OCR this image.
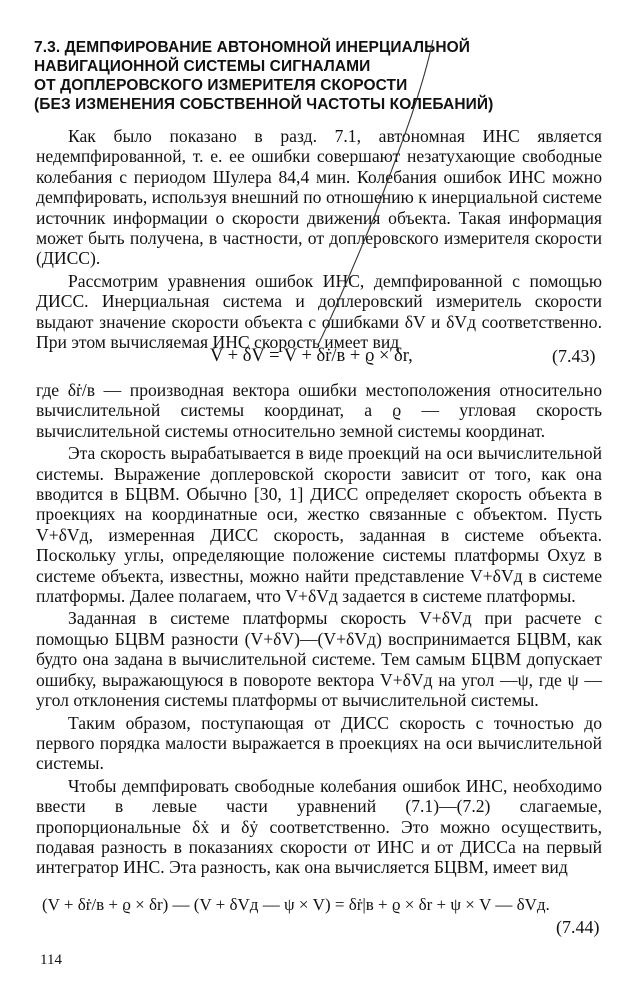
7.3. ДЕМПФИРОВАНИЕ АВТОНОМНОЙ ИНЕРЦИАЛЬНОЙ
НАВИГАЦИОННОЙ СИСТЕМЫ СИГНАЛАМИ
ОТ ДОПЛЕРОВСКОГО ИЗМЕРИТЕЛЯ СКОРОСТИ
(БЕЗ ИЗМЕНЕНИЯ СОБСТВЕННОЙ ЧАСТОТЫ КОЛЕБАНИЙ)

Как было показано в разд. 7.1, автономная ИНС является недемпфированной, т. е. ее ошибки совершают незатухающие свободные колебания с периодом Шулера 84,4 мин. Колебания ошибок ИНС можно демпфировать, используя внешний по отношению к инерциальной системе источник информации о скорости движения объекта. Такая информация может быть получена, в частности, от доплеровского измерителя скорости (ДИСС).

Рассмотрим уравнения ошибок ИНС, демпфированной с помощью ДИСС. Инерциальная система и доплеровский измеритель скорости выдают значение скорости объекта с ошибками δV и δVд соответственно. При этом вычисляемая ИНС скорость имеет вид

V + δV = V + δṙ/в + ϱ × δr,	(7.43)

где δṙ/в — производная вектора ошибки местоположения относительно вычислительной системы координат, а ϱ — угловая скорость вычислительной системы относительно земной системы координат.

Эта скорость вырабатывается в виде проекций на оси вычислительной системы. Выражение доплеровской скорости зависит от того, как она вводится в БЦВМ. Обычно [30, 1] ДИСС определяет скорость объекта в проекциях на координатные оси, жестко связанные с объектом. Пусть V+δVд, измеренная ДИСС скорость, заданная в системе объекта. Поскольку углы, определяющие положение системы платформы Oxyz в системе объекта, известны, можно найти представление V+δVд в системе платформы. Далее полагаем, что V+δVд задается в системе платформы.

Заданная в системе платформы скорость V+δVд при расчете с помощью БЦВМ разности (V+δV)—(V+δVд) воспринимается БЦВМ, как будто она задана в вычислительной системе. Тем самым БЦВМ допускает ошибку, выражающуюся в повороте вектора V+δVд на угол —ψ, где ψ — угол отклонения системы платформы от вычислительной системы.

Таким образом, поступающая от ДИСС скорость с точностью до первого порядка малости выражается в проекциях на оси вычислительной системы.

Чтобы демпфировать свободные колебания ошибок ИНС, необходимо ввести в левые части уравнений (7.1)—(7.2) слагаемые, пропорциональные δẋ и δẏ соответственно. Это можно осуществить, подавая разность в показаниях скорости от ИНС и от ДИССа на первый интегратор ИНС. Эта разность, как она вычисляется БЦВМ, имеет вид

(V + δṙ/в + ϱ × δr) — (V + δVд — ψ × V) = δṙ|в + ϱ × δr + ψ × V — δVд.
(7.44)
114
